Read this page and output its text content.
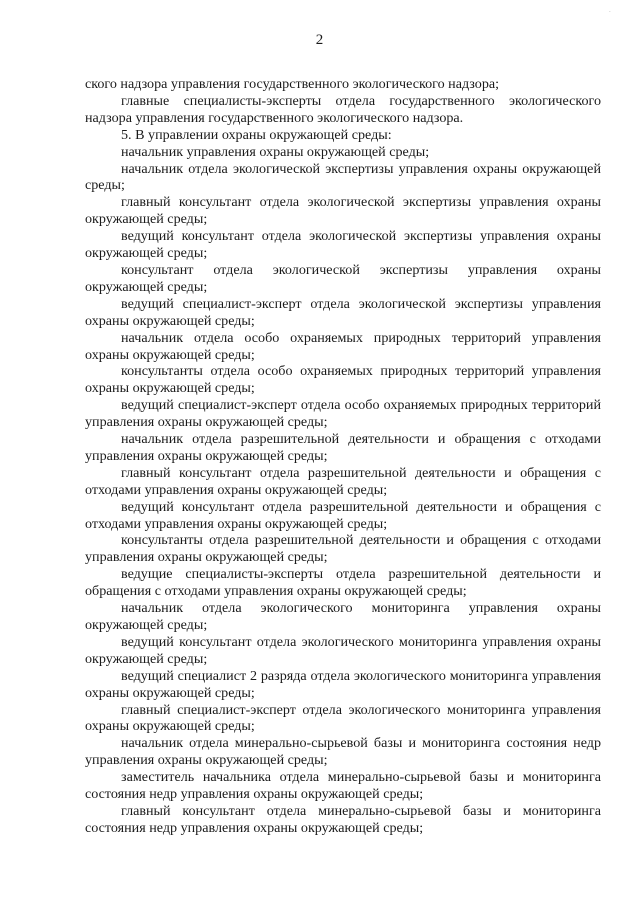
·
2

ского надзора управления государственного экологического надзора;

главные специалисты-эксперты отдела государственного экологического надзора управления государственного экологического надзора.

5. В управлении охраны окружающей среды:

начальник управления охраны окружающей среды;

начальник отдела экологической экспертизы управления охраны окружающей среды;

главный консультант отдела экологической экспертизы управления охраны окружающей среды;

ведущий консультант отдела экологической экспертизы управления охраны окружающей среды;

консультант отдела экологической экспертизы управления охраны окружающей среды;

ведущий специалист-эксперт отдела экологической экспертизы управления охраны окружающей среды;

начальник отдела особо охраняемых природных территорий управления охраны окружающей среды;

консультанты отдела особо охраняемых природных территорий управления охраны окружающей среды;

ведущий специалист-эксперт отдела особо охраняемых природных территорий управления охраны окружающей среды;

начальник отдела разрешительной деятельности и обращения с отходами управления охраны окружающей среды;

главный консультант отдела разрешительной деятельности и обращения с отходами управления охраны окружающей среды;

ведущий консультант отдела разрешительной деятельности и обращения с отходами управления охраны окружающей среды;

консультанты отдела разрешительной деятельности и обращения с отходами управления охраны окружающей среды;

ведущие специалисты-эксперты отдела разрешительной деятельности и обращения с отходами управления охраны окружающей среды;

начальник отдела экологического мониторинга управления охраны окружающей среды;

ведущий консультант отдела экологического мониторинга управления охраны окружающей среды;

ведущий специалист 2 разряда отдела экологического мониторинга управления охраны окружающей среды;

главный специалист-эксперт отдела экологического мониторинга управления охраны окружающей среды;

начальник отдела минерально-сырьевой базы и мониторинга состояния недр управления охраны окружающей среды;

заместитель начальника отдела минерально-сырьевой базы и мониторинга состояния недр управления охраны окружающей среды;

главный консультант отдела минерально-сырьевой базы и мониторинга состояния недр управления охраны окружающей среды;
